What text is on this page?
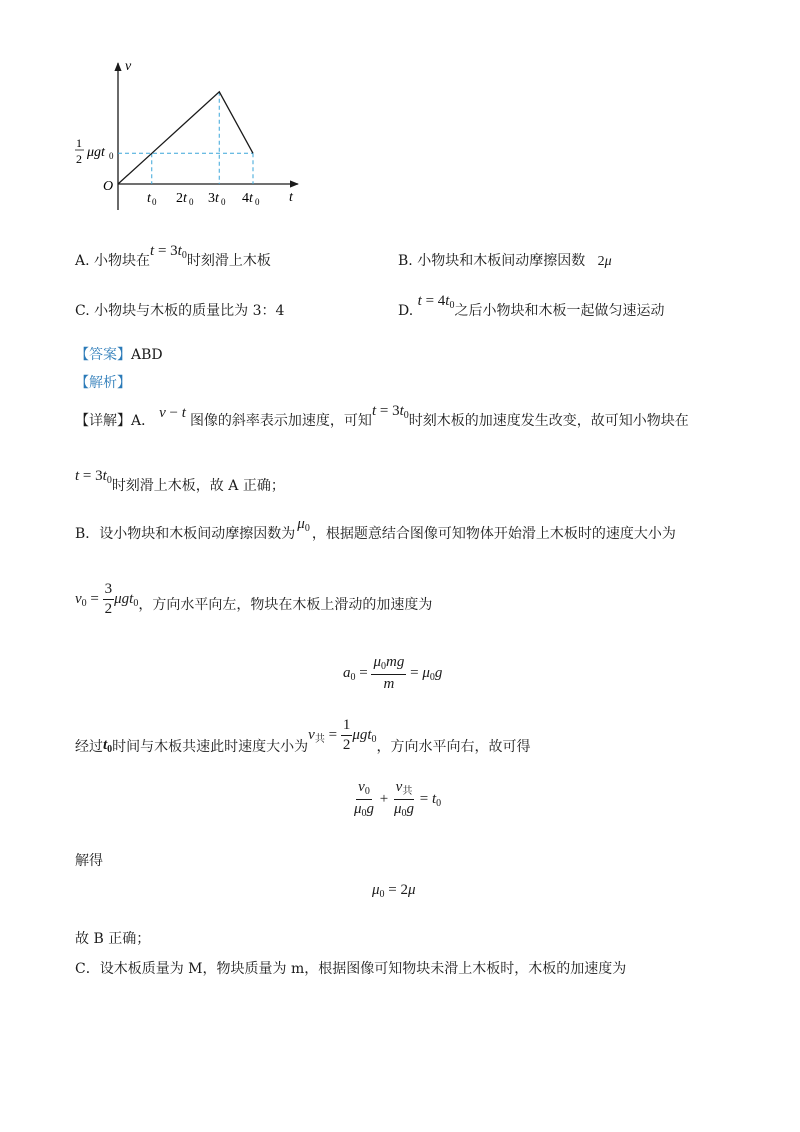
v
t
O
1
2 μgt 0
t 0 2t 0 3t 0 4t 0
A. 小物块在$t = 3t_0$时刻滑上木板	B. 小物块和木板间动摩擦因数 2μ
C. 小物块与木板的质量比为 3：4	D. $t = 4t_0$之后小物块和木板一起做匀速运动
【答案】ABD
【解析】
【详解】A． v − t 图像的斜率表示加速度，可知$t = 3t_0$时刻木板的加速度发生改变，故可知小物块在
$t = 3t_0$时刻滑上木板，故 A 正确；
B．设小物块和木板间动摩擦因数为$\mu_0$ ，根据题意结合图像可知物体开始滑上木板时的速度大小为
$v_0 = \frac{3}{2} \mu gt_0$，方向水平向左，物块在木板上滑动的加速度为
$a_0 = \frac{\mu_0mg}{m} = \mu_0g$
经过$t_0$时间与木板共速此时速度大小为$v_共 = \frac{1}{2} \mu gt_0$，方向水平向右，故可得
$\frac{v_0}{\mu_0g} + \frac{v_共}{\mu_0g} = t_0$
解得
$\mu_0 = 2\mu$
故 B 正确；
C．设木板质量为 M，物块质量为 m，根据图像可知物块未滑上木板时，木板的加速度为
